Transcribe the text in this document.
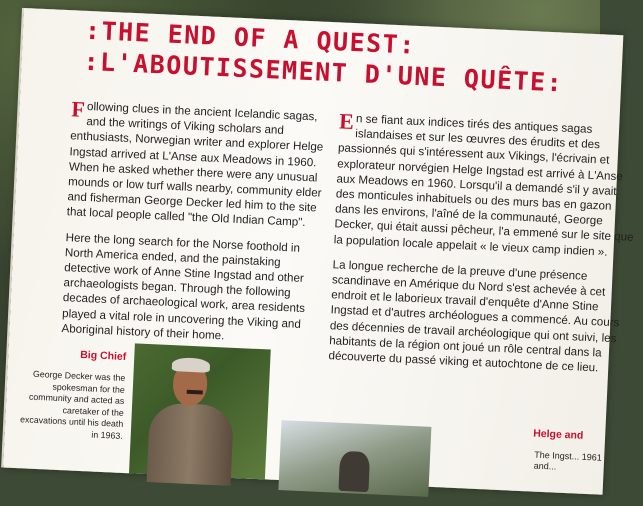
:THE END OF A QUEST:
:L'ABOUTISSEMENT D'UNE QUÊTE:

Following clues in the ancient Icelandic sagas, and the writings of Viking scholars and enthusiasts, Norwegian writer and explorer Helge Ingstad arrived at L'Anse aux Meadows in 1960. When he asked whether there were any unusual mounds or low turf walls nearby, community elder and fisherman George Decker led him to the site that local people called "the Old Indian Camp".

Here the long search for the Norse foothold in North America ended, and the painstaking detective work of Anne Stine Ingstad and other archaeologists began. Through the following decades of archaeological work, area residents played a vital role in uncovering the Viking and Aboriginal history of their home.

En se fiant aux indices tirés des antiques sagas islandaises et sur les œuvres des érudits et des passionnés qui s'intéressent aux Vikings, l'écrivain et explorateur norvégien Helge Ingstad est arrivé à L'Anse aux Meadows en 1960. Lorsqu'il a demandé s'il y avait des monticules inhabituels ou des murs bas en gazon dans les environs, l'aîné de la communauté, George Decker, qui était aussi pêcheur, l'a emmené sur le site que la population locale appelait « le vieux camp indien ».

La longue recherche de la preuve d'une présence scandinave en Amérique du Nord s'est achevée à cet endroit et le laborieux travail d'enquête d'Anne Stine Ingstad et d'autres archéologues a commencé. Au cours des décennies de travail archéologique qui ont suivi, les habitants de la région ont joué un rôle central dans la découverte du passé viking et autochtone de ce lieu.

Big Chief
George Decker was the spokesman for the community and acted as caretaker of the excavations until his death in 1963.	Helge and
The Ingst... 1961 and...
